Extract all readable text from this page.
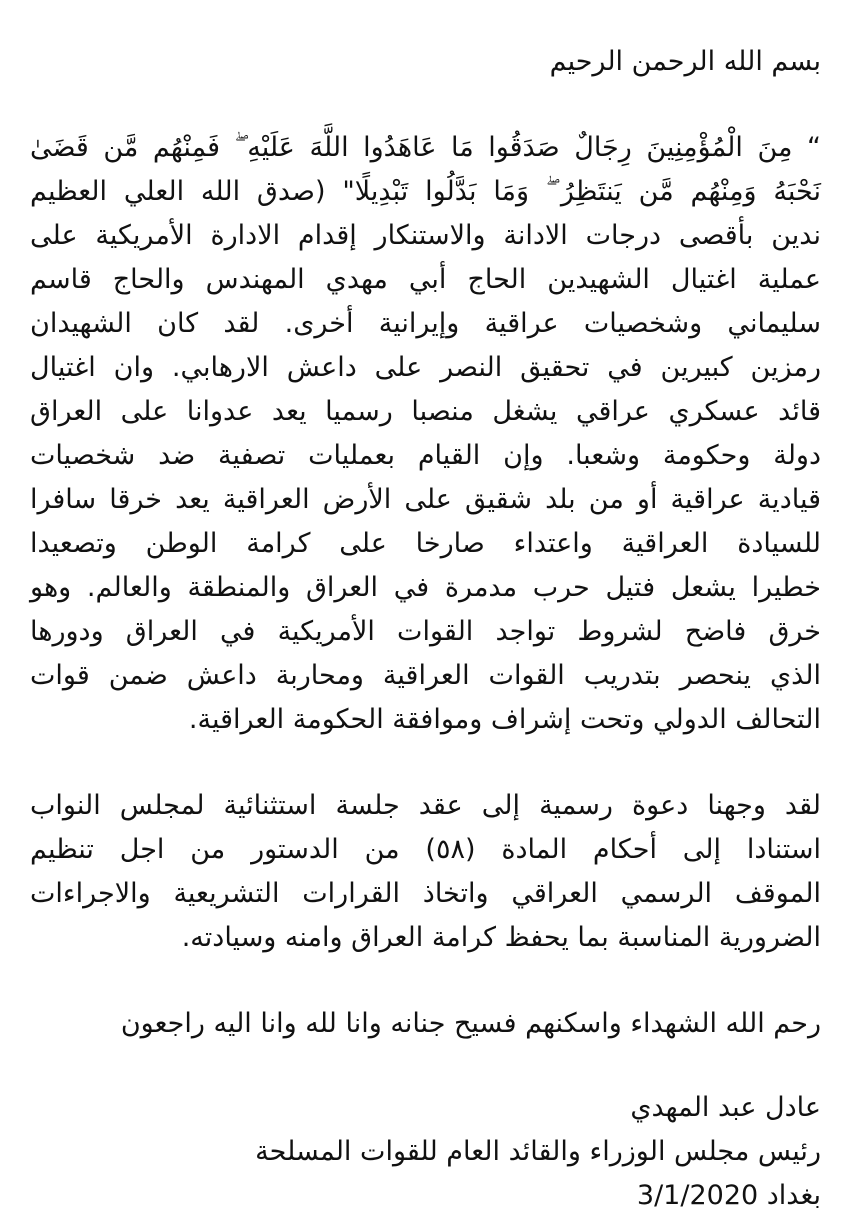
بسم الله الرحمن الرحيم
“ مِنَ الْمُؤْمِنِينَ رِجَالٌ صَدَقُوا مَا عَاهَدُوا اللَّهَ عَلَيْهِ ۖ فَمِنْهُم مَّن قَضَىٰ
نَحْبَهُ وَمِنْهُم مَّن يَنتَظِرُ ۖ وَمَا بَدَّلُوا تَبْدِيلًا" (صدق الله العلي العظيم
ندين بأقصى درجات الادانة والاستنكار إقدام الادارة الأمريكية على
عملية اغتيال الشهيدين الحاج أبي مهدي المهندس والحاج قاسم
سليماني وشخصيات عراقية وإيرانية أخرى. لقد كان الشهيدان
رمزين كبيرين في تحقيق النصر على داعش الارهابي. وان اغتيال
قائد عسكري عراقي يشغل منصبا رسميا يعد عدوانا على العراق
دولة وحكومة وشعبا. وإن القيام بعمليات تصفية ضد شخصيات
قيادية عراقية أو من بلد شقيق على الأرض العراقية يعد خرقا سافرا
للسيادة العراقية واعتداء صارخا على كرامة الوطن وتصعيدا
خطيرا يشعل فتيل حرب مدمرة في العراق والمنطقة والعالم. وهو
خرق فاضح لشروط تواجد القوات الأمريكية في العراق ودورها
الذي ينحصر بتدريب القوات العراقية ومحاربة داعش ضمن قوات
التحالف الدولي وتحت إشراف وموافقة الحكومة العراقية.
لقد وجهنا دعوة رسمية إلى عقد جلسة استثنائية لمجلس النواب
استنادا إلى أحكام المادة (٥٨) من الدستور من اجل تنظيم
الموقف الرسمي العراقي واتخاذ القرارات التشريعية والاجراءات
الضرورية المناسبة بما يحفظ كرامة العراق وامنه وسيادته.
رحم الله الشهداء واسكنهم فسيح جنانه وانا لله وانا اليه راجعون
عادل عبد المهدي
رئيس مجلس الوزراء والقائد العام للقوات المسلحة
بغداد 3/1/2020
